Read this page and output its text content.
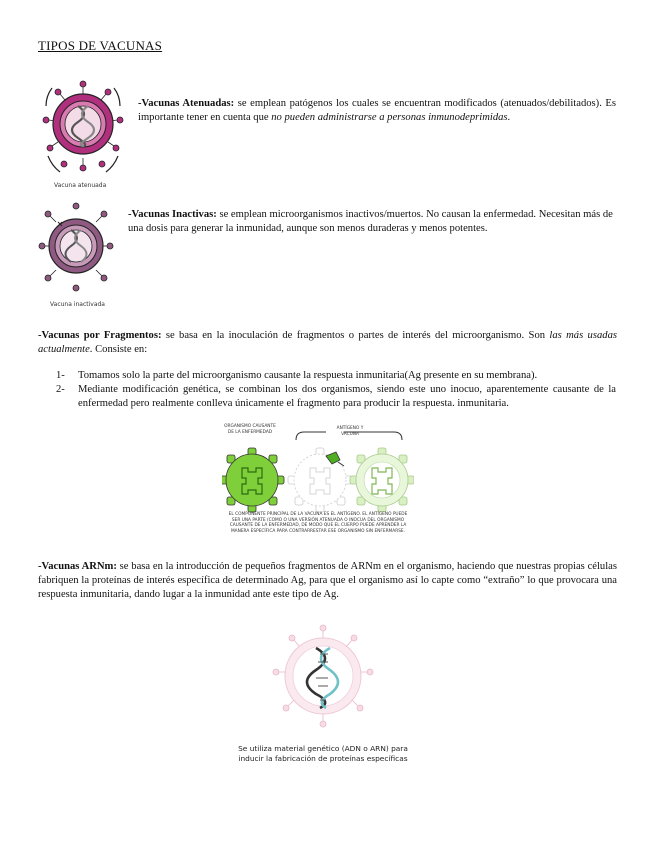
TIPOS DE VACUNAS
Vacuna atenuada
-Vacunas Atenuadas: se emplean patógenos los cuales se encuentran modificados (atenuados/debilitados). Es importante tener en cuenta que no pueden administrarse a personas inmunodeprimidas.
Vacuna inactivada
-Vacunas Inactivas: se emplean microorganismos inactivos/muertos. No causan la enfermedad. Necesitan más de una dosis para generar la inmunidad, aunque son menos duraderas y menos potentes.
-Vacunas por Fragmentos: se basa en la inoculación de fragmentos o partes de interés del microorganismo. Son las más usadas actualmente. Consiste en:
1- Tomamos solo la parte del microorganismo causante la respuesta inmunitaria(Ag presente en su membrana).
2- Mediante modificación genética, se combinan los dos organismos, siendo este uno inocuo, aparentemente causante de la enfermedad pero realmente conlleva únicamente el fragmento para producir la respuesta. inmunitaria.
ORGANISMO CAUSANTE DE LA ENFERMEDAD
ANTÍGENO Y VACUNA
EL COMPONENTE PRINCIPAL DE LA VACUNA ES EL ANTÍGENO. EL ANTÍGENO PUEDE SER UNA PARTE (COMO O UNA VERSIÓN ATENUADA O INOCUA DEL ORGANISMO CAUSANTE DE LA ENFERMEDAD, DE MODO QUE EL CUERPO PUEDE APRENDER LA MANERA ESPECÍFICA PARA CONTRARRESTAR ESE ORGANISMO SIN ENFERMARSE.
-Vacunas ARNm: se basa en la introducción de pequeños fragmentos de ARNm en el organismo, haciendo que nuestras propias células fabriquen la proteínas de interés específica de determinado Ag, para que el organismo así lo capte como “extraño” lo que provocara una respuesta inmunitaria, dando lugar a la inmunidad ante este tipo de Ag.
Se utiliza material genético (ADN o ARN) para
inducir la fabricación de proteínas específicas
